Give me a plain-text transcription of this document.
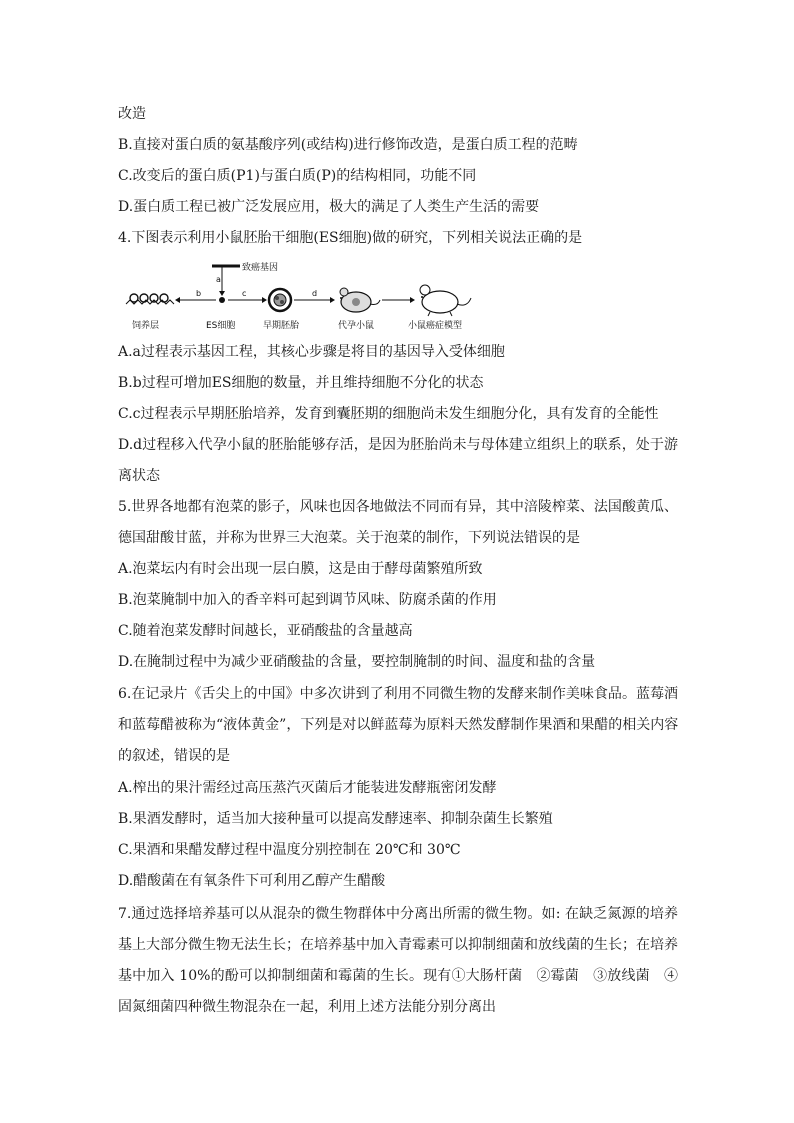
改造
B.直接对蛋白质的氨基酸序列(或结构)进行修饰改造，是蛋白质工程的范畴
C.改变后的蛋白质(P1)与蛋白质(P)的结构相同，功能不同
D.蛋白质工程已被广泛发展应用，极大的满足了人类生产生活的需要
4.下图表示利用小鼠胚胎干细胞(ES细胞)做的研究，下列相关说法正确的是
致癌基因
a
b	c	d
饲养层	ES细胞	早期胚胎	代孕小鼠	小鼠癌症模型
A.a过程表示基因工程，其核心步骤是将目的基因导入受体细胞
B.b过程可增加ES细胞的数量，并且维持细胞不分化的状态
C.c过程表示早期胚胎培养，发育到囊胚期的细胞尚未发生细胞分化，具有发育的全能性
D.d过程移入代孕小鼠的胚胎能够存活，是因为胚胎尚未与母体建立组织上的联系，处于游
离状态
5.世界各地都有泡菜的影子，风味也因各地做法不同而有异，其中涪陵榨菜、法国酸黄瓜、
德国甜酸甘蓝，并称为世界三大泡菜。关于泡菜的制作，下列说法错误的是
A.泡菜坛内有时会出现一层白膜，这是由于酵母菌繁殖所致
B.泡菜腌制中加入的香辛料可起到调节风味、防腐杀菌的作用
C.随着泡菜发酵时间越长，亚硝酸盐的含量越高
D.在腌制过程中为减少亚硝酸盐的含量，要控制腌制的时间、温度和盐的含量
6.在记录片《舌尖上的中国》中多次讲到了利用不同微生物的发酵来制作美味食品。蓝莓酒
和蓝莓醋被称为“液体黄金”，下列是对以鲜蓝莓为原料天然发酵制作果酒和果醋的相关内容
的叙述，错误的是
A.榨出的果汁需经过高压蒸汽灭菌后才能装进发酵瓶密闭发酵
B.果酒发酵时，适当加大接种量可以提高发酵速率、抑制杂菌生长繁殖
C.果酒和果醋发酵过程中温度分别控制在 20℃和 30℃
D.醋酸菌在有氧条件下可利用乙醇产生醋酸
7.通过选择培养基可以从混杂的微生物群体中分离出所需的微生物。如: 在缺乏氮源的培养
基上大部分微生物无法生长；在培养基中加入青霉素可以抑制细菌和放线菌的生长；在培养
基中加入 10%的酚可以抑制细菌和霉菌的生长。现有①大肠杆菌　②霉菌　③放线菌　④
固氮细菌四种微生物混杂在一起，利用上述方法能分别分离出
